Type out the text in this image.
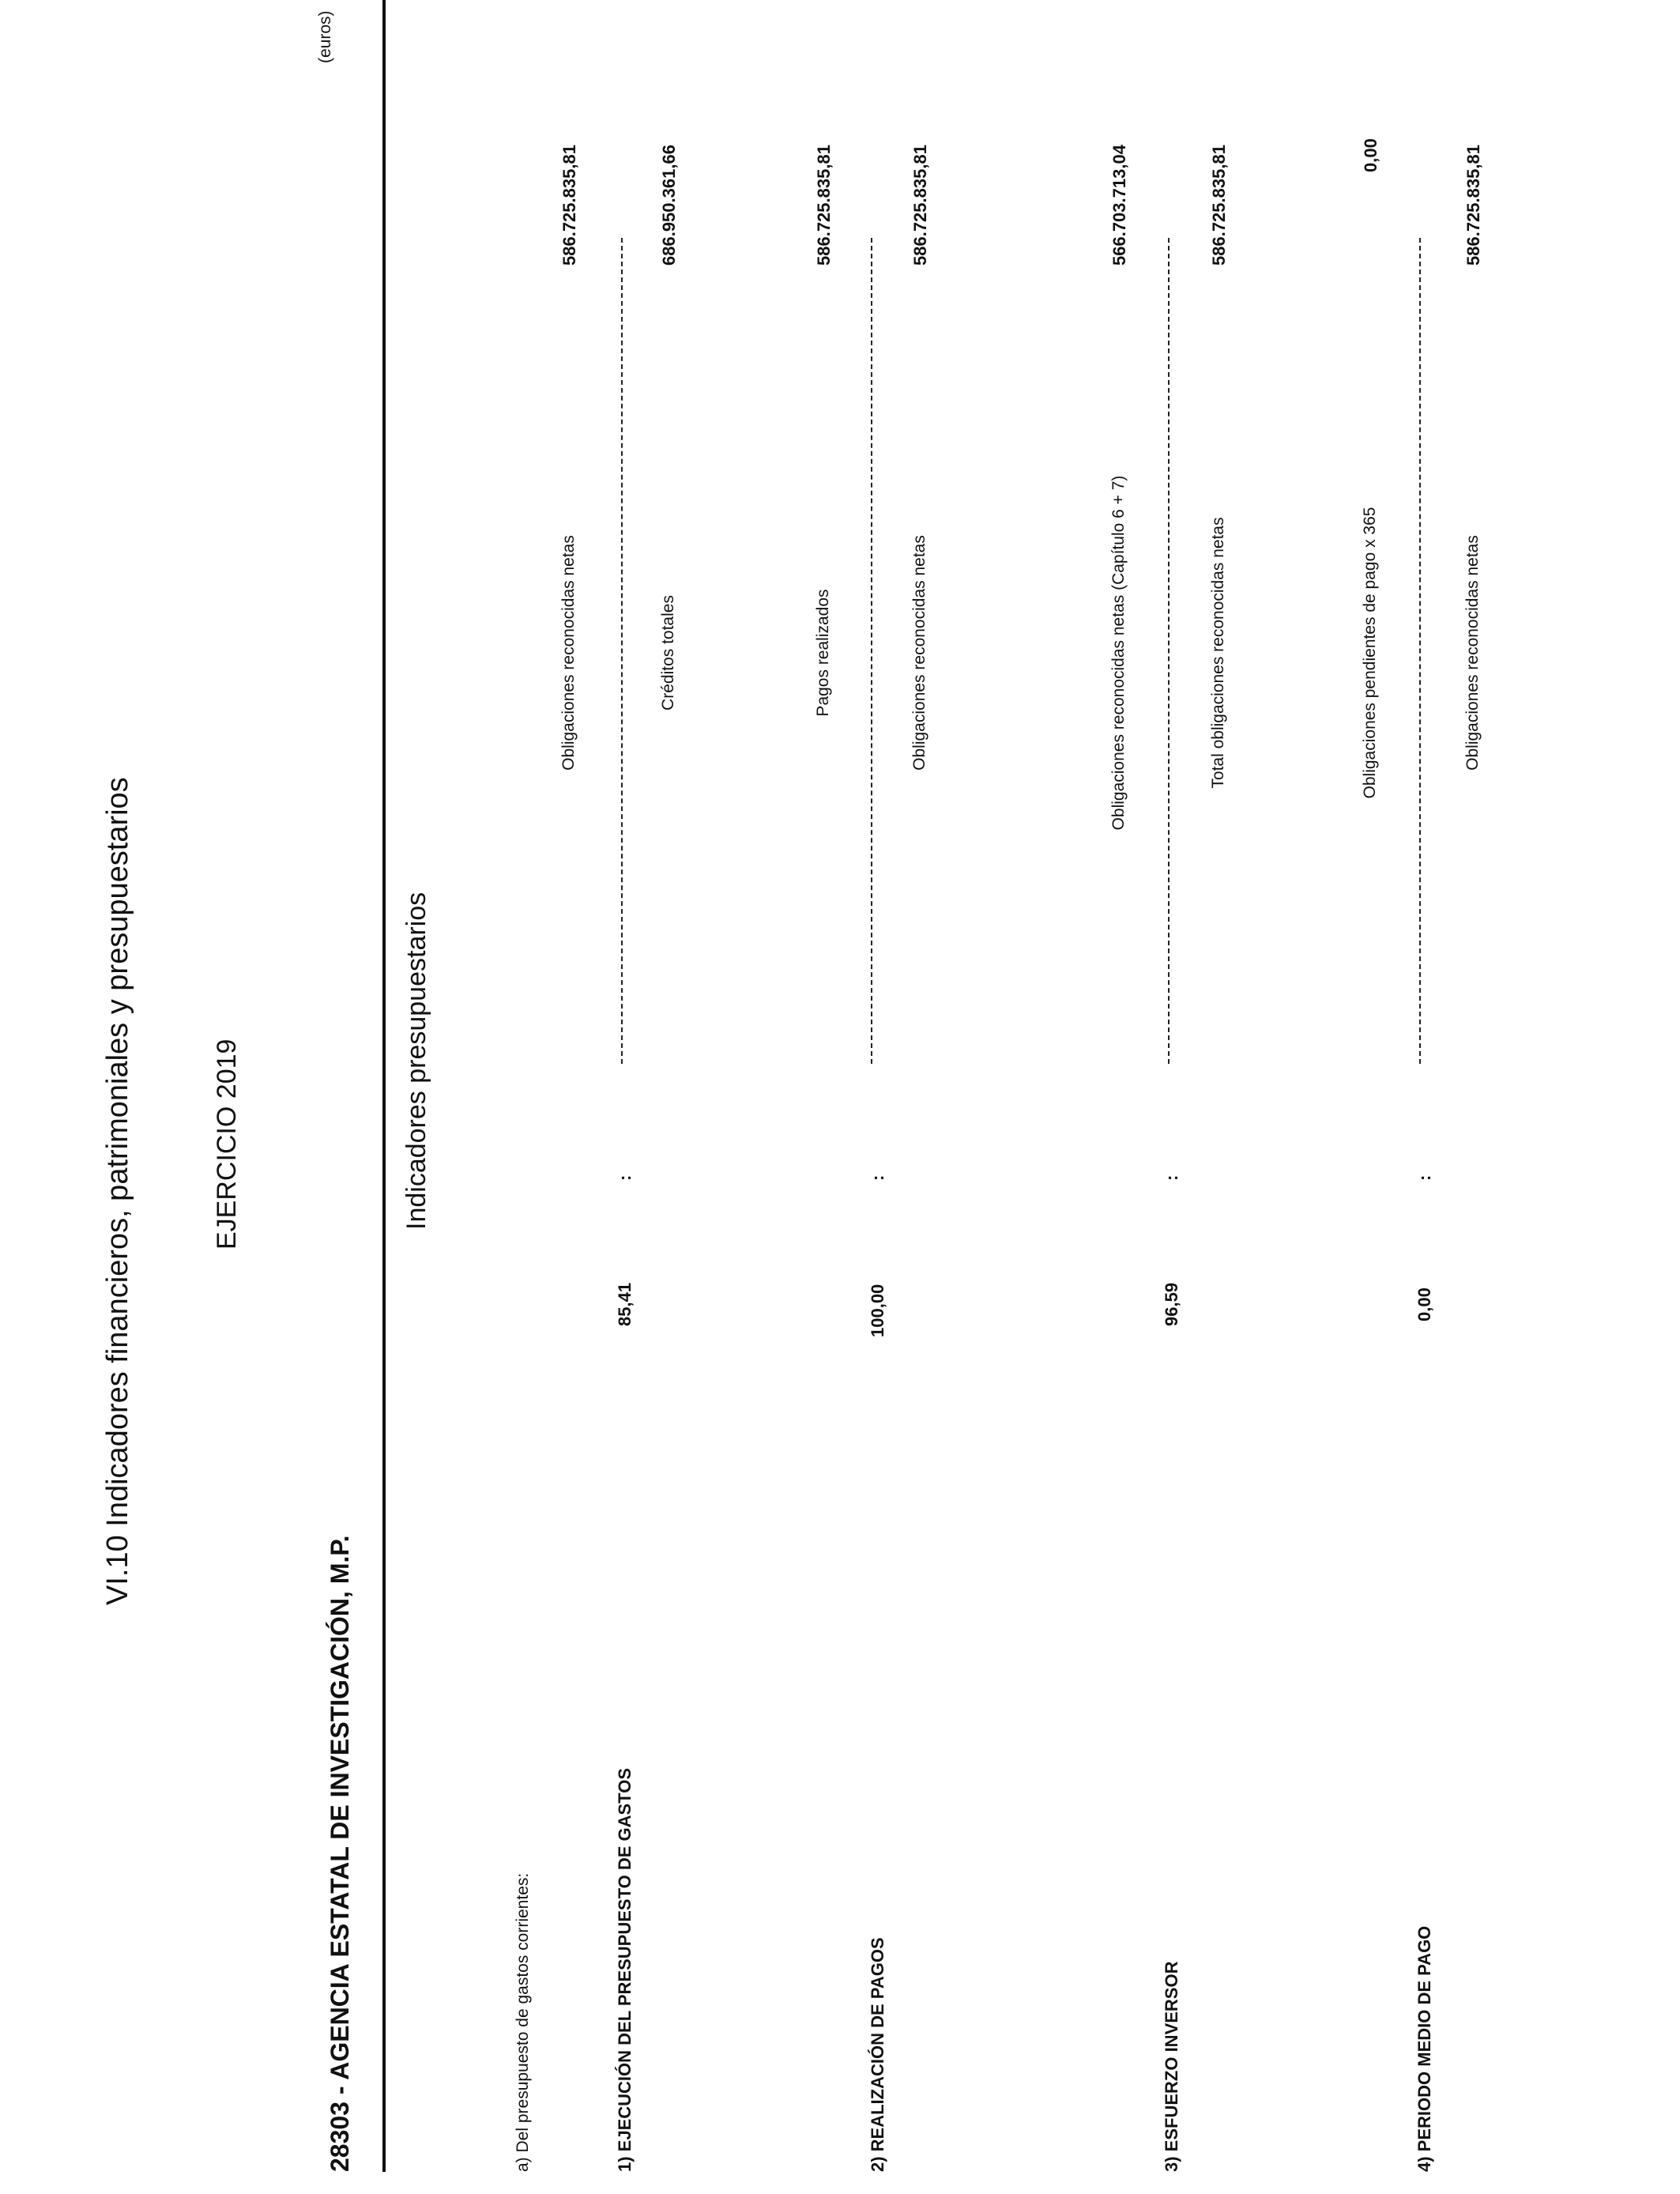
VI.10 Indicadores financieros, patrimoniales y presupuestarios	EJERCICIO 2019
28303 - AGENCIA ESTATAL DE INVESTIGACIÓN, M.P.
Indicadores presupuestarios
(euros)
a) Del presupuesto de gastos corrientes:	1) EJECUCIÓN DEL PRESUPUESTO DE GASTOS
85,41
:
Obligaciones reconocidas netas	Créditos totales
586.725.835,81	686.950.361,66
2) REALIZACIÓN DE PAGOS
100,00
:
Pagos realizados	Obligaciones reconocidas netas
586.725.835,81	586.725.835,81
3) ESFUERZO INVERSOR
96,59
:
Obligaciones reconocidas netas (Capítulo 6 + 7)	Total obligaciones reconocidas netas
566.703.713,04	586.725.835,81
4) PERIODO MEDIO DE PAGO
0,00
:
Obligaciones pendientes de pago x 365	Obligaciones reconocidas netas
0,00	586.725.835,81
